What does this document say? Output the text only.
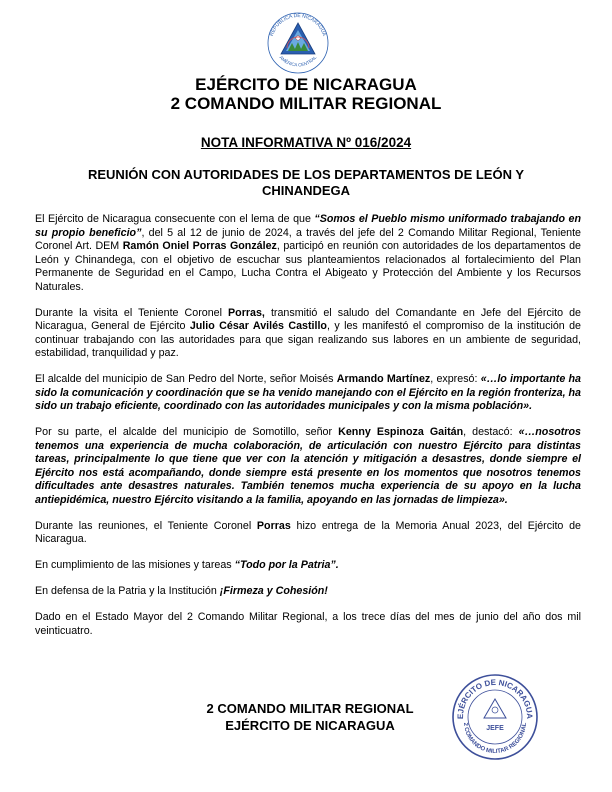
REPÚBLICA DE NICARAGUA
AMÉRICA CENTRAL
EJÉRCITO DE NICARAGUA
2 COMANDO MILITAR REGIONAL
NOTA INFORMATIVA Nº 016/2024
REUNIÓN CON AUTORIDADES DE LOS DEPARTAMENTOS DE LEÓN Y CHINANDEGA

El Ejército de Nicaragua consecuente con el lema de que “Somos el Pueblo mismo uniformado trabajando en su propio beneficio”, del 5 al 12 de junio de 2024, a través del jefe del 2 Comando Militar Regional, Teniente Coronel Art. DEM Ramón Oniel Porras González, participó en reunión con autoridades de los departamentos de León y Chinandega, con el objetivo de escuchar sus planteamientos relacionados al fortalecimiento del Plan Permanente de Seguridad en el Campo, Lucha Contra el Abigeato y Protección del Ambiente y los Recursos Naturales.

Durante la visita el Teniente Coronel Porras, transmitió el saludo del Comandante en Jefe del Ejército de Nicaragua, General de Ejército Julio César Avilés Castillo, y les manifestó el compromiso de la institución de continuar trabajando con las autoridades para que sigan realizando sus labores en un ambiente de seguridad, estabilidad, tranquilidad y paz.

El alcalde del municipio de San Pedro del Norte, señor Moisés Armando Martínez, expresó: «…lo importante ha sido la comunicación y coordinación que se ha venido manejando con el Ejército en la región fronteriza, ha sido un trabajo eficiente, coordinado con las autoridades municipales y con la misma población».

Por su parte, el alcalde del municipio de Somotillo, señor Kenny Espinoza Gaitán, destacó: «…nosotros tenemos una experiencia de mucha colaboración, de articulación con nuestro Ejército para distintas tareas, principalmente lo que tiene que ver con la atención y mitigación a desastres, donde siempre el Ejército nos está acompañando, donde siempre está presente en los momentos que nosotros tenemos dificultades ante desastres naturales. También tenemos mucha experiencia de su apoyo en la lucha antiepidémica, nuestro Ejército visitando a la familia, apoyando en las jornadas de limpieza».

Durante las reuniones, el Teniente Coronel Porras hizo entrega de la Memoria Anual 2023, del Ejército de Nicaragua.

En cumplimiento de las misiones y tareas “Todo por la Patria”.

En defensa de la Patria y la Institución ¡Firmeza y Cohesión!

Dado en el Estado Mayor del 2 Comando Militar Regional, a los trece días del mes de junio del año dos mil veinticuatro.

2 COMANDO MILITAR REGIONAL
EJÉRCITO DE NICARAGUA
EJÉRCITO DE NICARAGUA
2 COMANDO MILITAR REGIONAL
JEFE
